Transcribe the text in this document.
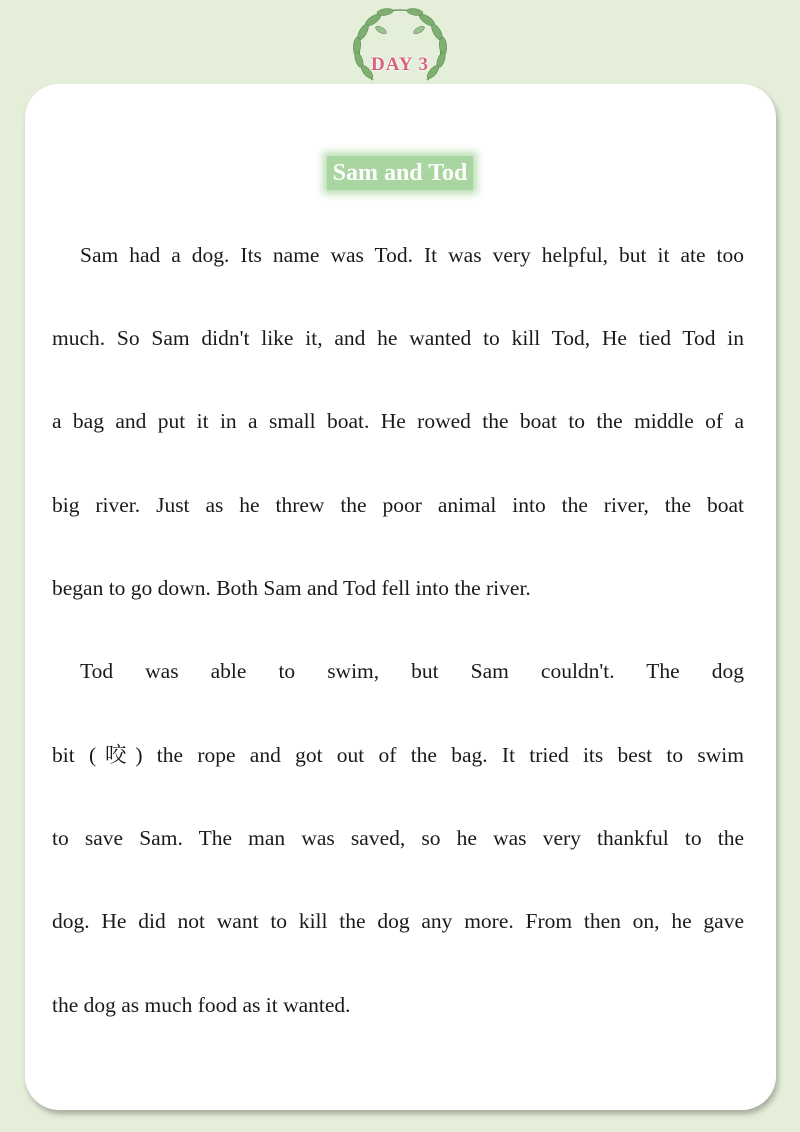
DAY 3
Sam and Tod
Sam had a dog. Its name was Tod. It was very helpful, but it ate too
much. So Sam didn't like it, and he wanted to kill Tod, He tied Tod in
a bag and put it in a small boat. He rowed the boat to the middle of a
big river. Just as he threw the poor animal into the river, the boat
began to go down. Both Sam and Tod fell into the river.
Tod was able to swim, but Sam couldn't. The dog
bit (咬) the rope and got out of the bag. It tried its best to swim
to save Sam. The man was saved, so he was very thankful to the
dog. He did not want to kill the dog any more. From then on, he gave
the dog as much food as it wanted.
